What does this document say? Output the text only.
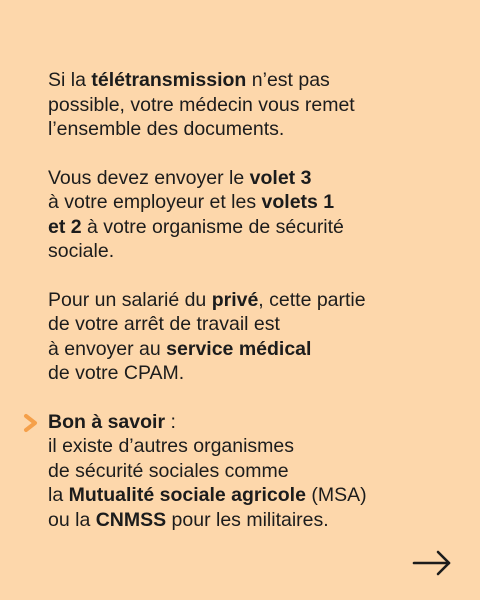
Si la télétransmission n’est pas
possible, votre médecin vous remet
l’ensemble des documents.
Vous devez envoyer le volet 3
à votre employeur et les volets 1
et 2 à votre organisme de sécurité
sociale.
Pour un salarié du privé, cette partie
de votre arrêt de travail est
à envoyer au service médical
de votre CPAM.
Bon à savoir :
il existe d’autres organismes
de sécurité sociales comme
la Mutualité sociale agricole (MSA)
ou la CNMSS pour les militaires.
